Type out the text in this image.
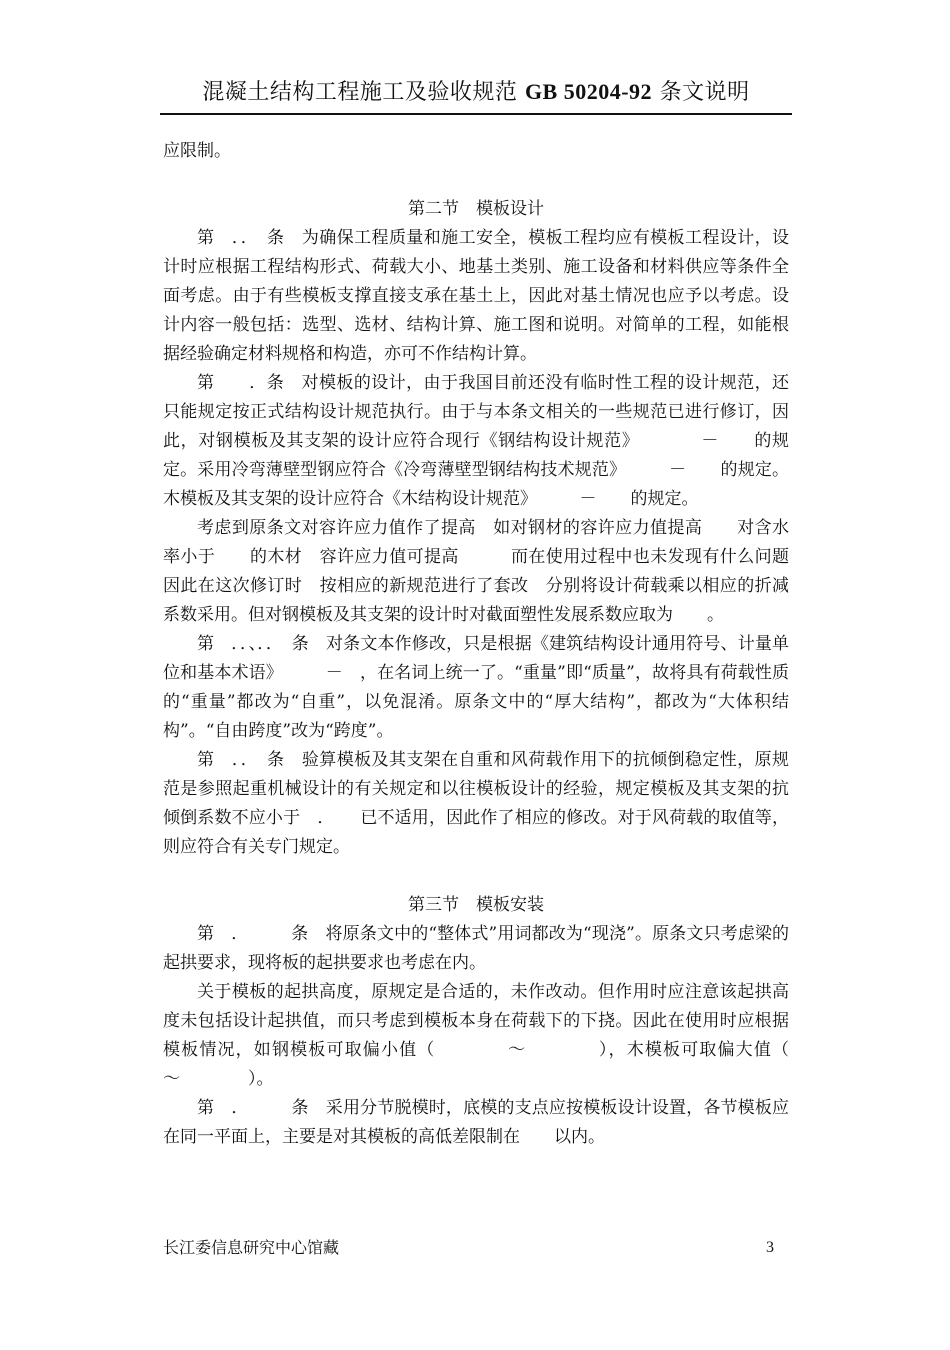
混凝土结构工程施工及验收规范 GB 50204-92 条文说明

应限制。

第二节　模板设计

第　．．　条　为确保工程质量和施工安全，模板工程均应有模板工程设计，设计时应根据工程结构形式、荷载大小、地基土类别、施工设备和材料供应等条件全面考虑。由于有些模板支撑直接支承在基土上，因此对基土情况也应予以考虑。设计内容一般包括：选型、选材、结构计算、施工图和说明。对简单的工程，如能根据经验确定材料规格和构造，亦可不作结构计算。

第　　．条　对模板的设计，由于我国目前还没有临时性工程的设计规范，还只能规定按正式结构设计规范执行。由于与本条文相关的一些规范已进行修订，因此，对钢模板及其支架的设计应符合现行《钢结构设计规范》　　　　－　　的规定。采用冷弯薄壁型钢应符合《冷弯薄壁型钢结构技术规范》　　　－　　的规定。木模板及其支架的设计应符合《木结构设计规范》　　　－　　的规定。

考虑到原条文对容许应力值作了提高　如对钢材的容许应力值提高　　对含水率小于　　的木材　容许应力值可提高　　　而在使用过程中也未发现有什么问题　因此在这次修订时　按相应的新规范进行了套改　分别将设计荷载乘以相应的折减系数采用。但对钢模板及其支架的设计时对截面塑性发展系数应取为　　。

第　．．、．．　条　对条文本作修改，只是根据《建筑结构设计通用符号、计量单位和基本术语》　　　－　，在名词上统一了。“重量”即“质量”，故将具有荷载性质的“重量”都改为“自重”，以免混淆。原条文中的“厚大结构”，都改为“大体积结构”。“自由跨度”改为“跨度”。

第　．．　条　验算模板及其支架在自重和风荷载作用下的抗倾倒稳定性，原规范是参照起重机械设计的有关规定和以往模板设计的经验，规定模板及其支架的抗倾倒系数不应小于　．　　已不适用，因此作了相应的修改。对于风荷载的取值等，则应符合有关专门规定。

第三节　模板安装

第　．　　　条　将原条文中的“整体式”用词都改为“现浇”。原条文只考虑梁的起拱要求，现将板的起拱要求也考虑在内。

关于模板的起拱高度，原规定是合适的，未作改动。但作用时应注意该起拱高度未包括设计起拱值，而只考虑到模板本身在荷载下的下挠。因此在使用时应根据模板情况，如钢模板可取偏小值（　　　　～　　　　），木模板可取偏大值（　　　　～　　　　）。

第　．　　　条　采用分节脱模时，底模的支点应按模板设计设置，各节模板应在同一平面上，主要是对其模板的高低差限制在　　以内。

长江委信息研究中心馆藏	3
